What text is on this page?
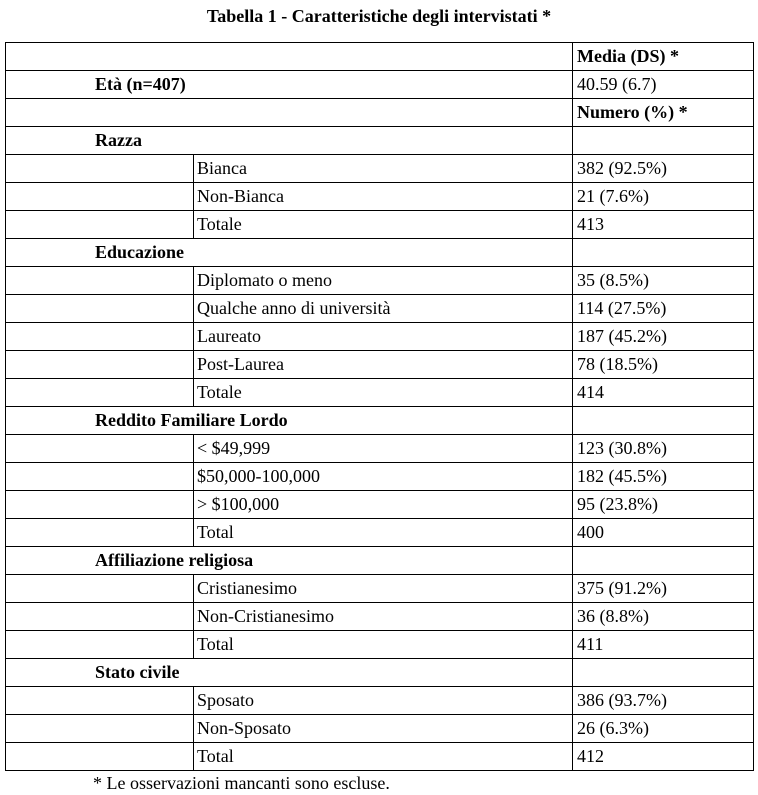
Tabella 1 - Caratteristiche degli intervistati *
	Media (DS) *
Età (n=407)	40.59 (6.7)
	Numero (%) *
Razza	

Bianca	382 (92.5%)

Non-Bianca	21 (7.6%)

Totale	413
Educazione	

Diplomato o meno	35 (8.5%)

Qualche anno di università	114 (27.5%)

Laureato	187 (45.2%)

Post-Laurea	78 (18.5%)

Totale	414
Reddito Familiare Lordo	

< $49,999	123 (30.8%)

$50,000-100,000	182 (45.5%)

> $100,000	95 (23.8%)

Total	400
Affiliazione religiosa	

Cristianesimo	375 (91.2%)

Non-Cristianesimo	36 (8.8%)

Total	411
Stato civile	

Sposato	386 (93.7%)

Non-Sposato	26 (6.3%)

Total	412
* Le osservazioni mancanti sono escluse.
